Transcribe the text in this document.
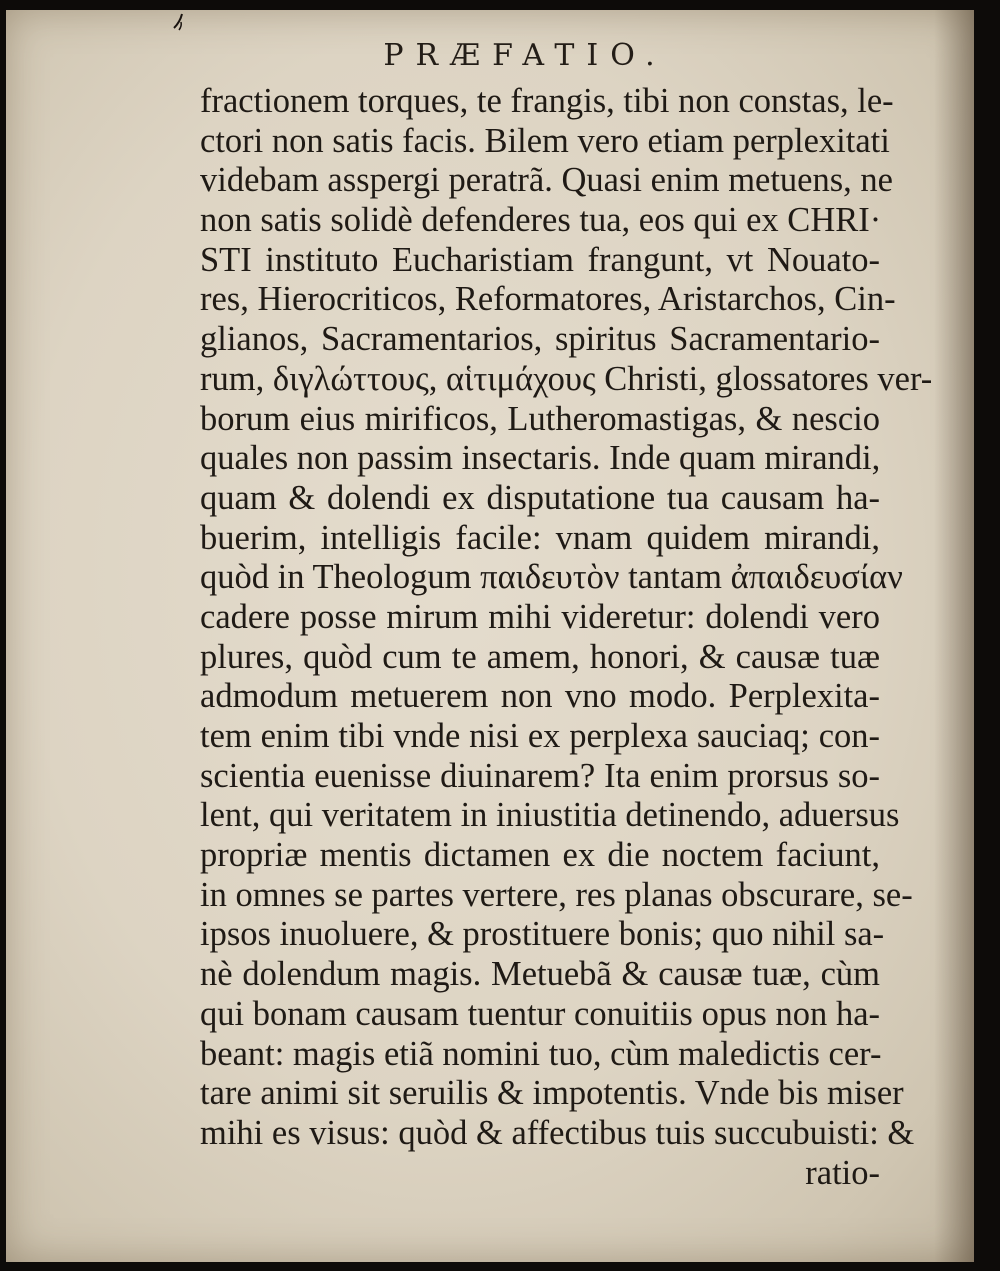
PRÆFATIO.
fractionem torques, te frangis, tibi non constas, le-
ctori non satis facis. Bilem vero etiam perplexitati
videbam asspergi peratrã. Quasi enim metuens, ne
non satis solidè defenderes tua, eos qui ex CHRI·
STI instituto Eucharistiam frangunt, vt Nouato-
res, Hierocriticos, Reformatores, Aristarchos, Cin-
glianos, Sacramentarios, spiritus Sacramentario-
rum, διγλώττους, αἱτιμάχους Christi, glossatores ver-
borum eius mirificos, Lutheromastigas, & nescio
quales non passim insectaris. Inde quam mirandi,
quam & dolendi ex disputatione tua causam ha-
buerim, intelligis facile: vnam quidem mirandi,
quòd in Theologum παιδευτὸν tantam ἀπαιδευσίαν
cadere posse mirum mihi videretur: dolendi vero
plures, quòd cum te amem, honori, & causæ tuæ
admodum metuerem non vno modo. Perplexita-
tem enim tibi vnde nisi ex perplexa sauciaq; con-
scientia euenisse diuinarem? Ita enim prorsus so-
lent, qui veritatem in iniustitia detinendo, aduersus
propriæ mentis dictamen ex die noctem faciunt,
in omnes se partes vertere, res planas obscurare, se-
ipsos inuoluere, & prostituere bonis; quo nihil sa-
nè dolendum magis. Metuebã & causæ tuæ, cùm
qui bonam causam tuentur conuitiis opus non ha-
beant: magis etiã nomini tuo, cùm maledictis cer-
tare animi sit seruilis & impotentis. Vnde bis miser
mihi es visus: quòd & affectibus tuis succubuisti: &
ratio-
